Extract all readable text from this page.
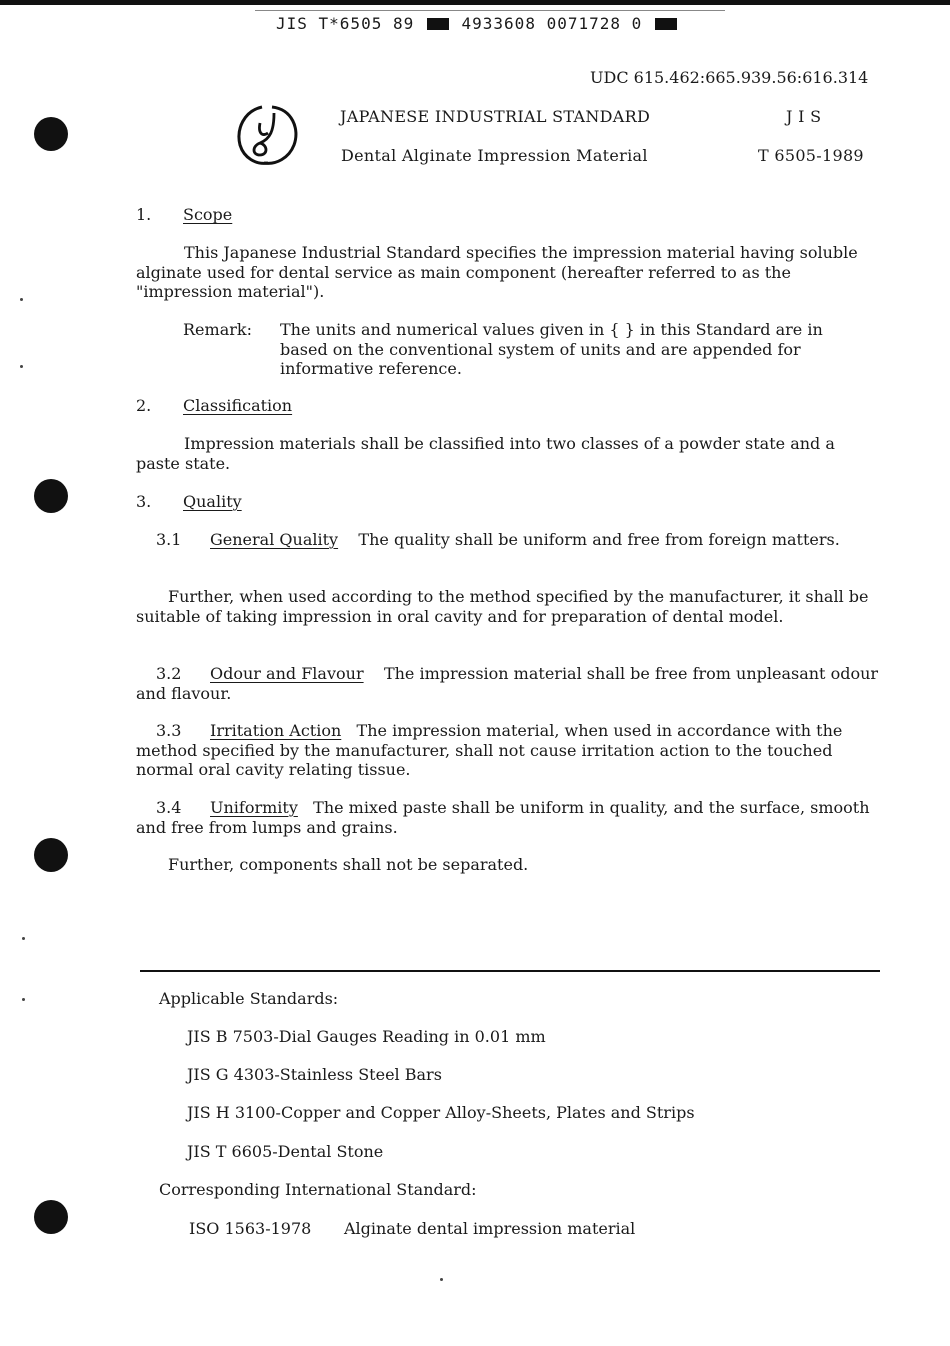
JIS T*6505 89	4933608 0071728 0
UDC 615.462:665.939.56:616.314
JAPANESE INDUSTRIAL STANDARD
Dental Alginate Impression Material
J I S
T 6505-1989
1. Scope
This Japanese Industrial Standard specifies the impression material having soluble alginate used for dental service as main component (hereafter referred to as the "impression material").
Remark: The units and numerical values given in { } in this Standard are in based on the conventional system of units and are appended for informative reference.
2. Classification
Impression materials shall be classified into two classes of a powder state and a paste state.
3. Quality
3.1 General Quality The quality shall be uniform and free from foreign matters.
Further, when used according to the method specified by the manufacturer, it shall be suitable of taking impression in oral cavity and for preparation of dental model.
3.2 Odour and Flavour The impression material shall be free from unpleasant odour and flavour.
3.3 Irritation Action The impression material, when used in accordance with the method specified by the manufacturer, shall not cause irritation action to the touched normal oral cavity relating tissue.
3.4 Uniformity The mixed paste shall be uniform in quality, and the surface, smooth and free from lumps and grains.
Further, components shall not be separated.
Applicable Standards:
JIS B 7503-Dial Gauges Reading in 0.01 mm
JIS G 4303-Stainless Steel Bars
JIS H 3100-Copper and Copper Alloy-Sheets, Plates and Strips
JIS T 6605-Dental Stone
Corresponding International Standard:
ISO 1563-1978 Alginate dental impression material
